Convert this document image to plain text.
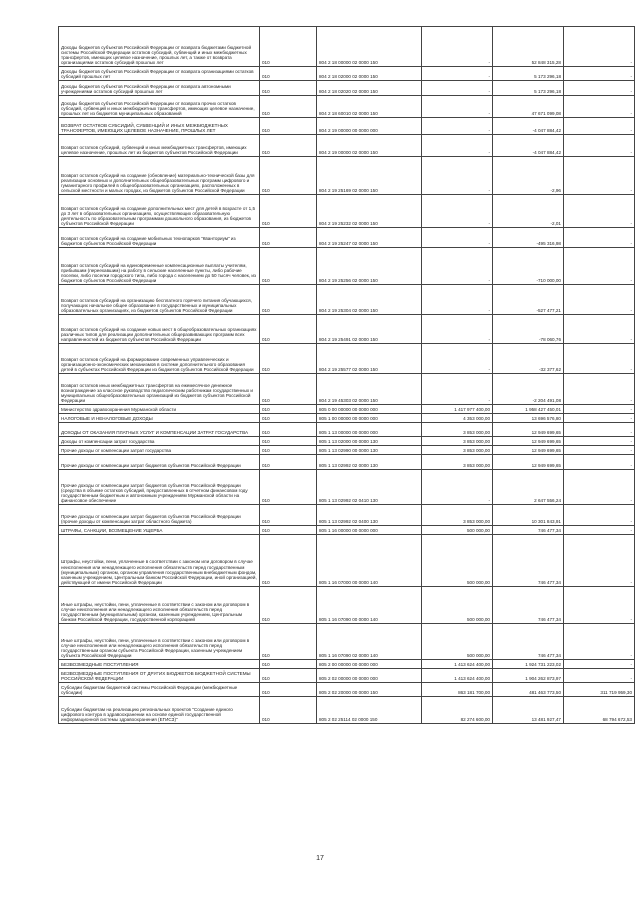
Доходы бюджетов субъектов Российской Федерации от возврата бюджетами бюджетной системы Российской Федерации остатков субсидий, субвенций и иных межбюджетных трансфертов, имеющих целевое назначение, прошлых лет, а также от возврата организациями остатков субсидий прошлых лет	010	804 2 18 00000 02 0000 150	-	52 848 315,28	-
Доходы бюджетов субъектов Российской Федерации от возврата организациями остатков субсидий прошлых лет	010	804 2 18 02000 02 0000 150	-	5 173 296,18	-
Доходы бюджетов субъектов Российской Федерации от возврата автономными учреждениями остатков субсидий прошлых лет	010	804 2 18 02020 02 0000 150	-	5 173 296,18	-
Доходы бюджетов субъектов Российской Федерации от возврата прочих остатков субсидий, субвенций и иных межбюджетных трансфертов, имеющих целевое назначение, прошлых лет из бюджетов муниципальных образований	010	804 2 18 60010 02 0000 150	-	47 671 099,08	-
ВОЗВРАТ ОСТАТКОВ СУБСИДИЙ, СУБВЕНЦИЙ И ИНЫХ МЕЖБЮДЖЕТНЫХ ТРАНСФЕРТОВ, ИМЕЮЩИХ ЦЕЛЕВОЕ НАЗНАЧЕНИЕ, ПРОШЛЫХ ЛЕТ	010	804 2 19 00000 00 0000 000	-	-4 047 884,42	-
Возврат остатков субсидий, субвенций и иных межбюджетных трансфертов, имеющих целевое назначение, прошлых лет из бюджетов субъектов Российской Федерации	010	804 2 19 00000 02 0000 150	-	-4 047 884,42	-
Возврат остатков субсидий на создание (обновление) материально-технической базы для реализации основных и дополнительных общеобразовательных программ цифрового и гуманитарного профилей в общеобразовательных организациях, расположенных в сельской местности и малых городах, из бюджетов субъектов Российской Федерации	010	804 2 19 25169 02 0000 150	-	-2,96	-
Возврат остатков субсидий на создание дополнительных мест для детей в возрасте от 1,5 до 3 лет в образовательных организациях, осуществляющих образовательную деятельность по образовательным программам дошкольного образования, из бюджетов субъектов Российской Федерации	010	804 2 19 25232 02 0000 150	-	-2,01	-
Возврат остатков субсидий на создание мобильных технопарков "Кванториум" из бюджетов субъектов Российской Федерации	010	804 2 19 25247 02 0000 150	-	-495 316,98	-
Возврат остатков субсидий на единовременные компенсационные выплаты учителям, прибывшим (переехавшим) на работу в сельские населенные пункты, либо рабочие поселки, либо поселки городского типа, либо города с населением до 50 тысяч человек, из бюджетов субъектов Российской Федерации	010	804 2 19 25256 02 0000 150	-	-710 000,00	-
Возврат остатков субсидий на организацию бесплатного горячего питания обучающихся, получающих начальное общее образование в государственных и муниципальных образовательных организациях, из бюджетов субъектов Российской Федерации	010	804 2 19 25304 02 0000 150	-	-527 477,21	-
Возврат остатков субсидий на создание новых мест в общеобразовательных организациях различных типов для реализации дополнительных общеразвивающих программ всех направленностей из бюджетов субъектов Российской Федерации	010	804 2 19 25491 02 0000 150	-	-78 060,76	-
Возврат остатков субсидий на формирование современных управленческих и организационно-экономических механизмов в системе дополнительного образования детей в субъектах Российской Федерации из бюджетов субъектов Российской Федерации	010	804 2 19 25577 02 0000 150	-	-32 377,62	-
Возврат остатков иных межбюджетных трансфертов на ежемесячное денежное вознаграждение за классное руководство педагогическим работникам государственных и муниципальных общеобразовательных организаций из бюджетов субъектов Российской Федерации	010	804 2 19 45303 02 0000 150	-	-2 204 491,08	-
Министерство здравоохранения Мурманской области	010	805 0 00 00000 00 0000 000	1 417 977 400,00	1 958 427 450,01	-
НАЛОГОВЫЕ И НЕНАЛОГОВЫЕ ДОХОДЫ	010	805 1 00 00000 00 0000 000	4 353 000,00	13 696 576,80	-
ДОХОДЫ ОТ ОКАЗАНИЯ ПЛАТНЫХ УСЛУГ И КОМПЕНСАЦИИ ЗАТРАТ ГОСУДАРСТВА	010	805 1 13 00000 00 0000 000	3 853 000,00	12 949 699,65	-
Доходы от компенсации затрат государства	010	805 1 13 02000 00 0000 130	3 853 000,00	12 949 699,65	-
Прочие доходы от компенсации затрат государства	010	805 1 13 02990 00 0000 130	3 853 000,00	12 949 699,65	-
Прочие доходы от компенсации затрат бюджетов субъектов Российской Федерации	010	805 1 13 02992 02 0000 130	3 853 000,00	12 949 699,65	-
Прочие доходы от компенсации затрат бюджетов субъектов Российской Федерации (средства в объеме остатков субсидий, предоставленных в отчетном финансовом году государственным бюджетным и автономным учреждениям Мурманской области на финансовое обеспечение	010	805 1 13 02992 02 0410 130	-	2 647 556,24	-
Прочие доходы от компенсации затрат бюджетов субъектов Российской Федерации (прочие доходы от компенсации затрат областного бюджета)	010	805 1 13 02992 02 0400 130	3 853 000,00	10 301 843,91	-
ШТРАФЫ, САНКЦИИ, ВОЗМЕЩЕНИЕ УЩЕРБА	010	805 1 16 00000 00 0000 000	500 000,00	746 477,34	-
Штрафы, неустойки, пени, уплаченные в соответствии с законом или договором в случае неисполнения или ненадлежащего исполнения обязательств перед государственным (муниципальным) органом, органом управления государственным внебюджетным фондом, казенным учреждением, Центральным банком Российской Федерации, иной организацией, действующей от имени Российской Федерации	010	805 1 16 07000 00 0000 140	500 000,00	746 477,34	-
Иные штрафы, неустойки, пени, уплаченные в соответствии с законом или договором в случае неисполнения или ненадлежащего исполнения обязательств перед государственным (муниципальным) органом, казенным учреждением, Центральным банком Российской Федерации, государственной корпорацией	010	805 1 16 07090 00 0000 140	500 000,00	746 477,34	-
Иные штрафы, неустойки, пени, уплаченные в соответствии с законом или договором в случае неисполнения или ненадлежащего исполнения обязательств перед государственным органом субъекта Российской Федерации, казенным учреждением субъекта Российской Федерации	010	805 1 16 07090 02 0000 140	500 000,00	746 477,34	-
БЕЗВОЗМЕЗДНЫЕ ПОСТУПЛЕНИЯ	010	805 2 00 00000 00 0000 000	1 413 624 400,00	1 924 731 223,02	-
БЕЗВОЗМЕЗДНЫЕ ПОСТУПЛЕНИЯ ОТ ДРУГИХ БЮДЖЕТОВ БЮДЖЕТНОЙ СИСТЕМЫ РОССИЙСКОЙ ФЕДЕРАЦИИ	010	805 2 02 00000 00 0000 000	1 413 624 400,00	1 904 262 873,97	-
Субсидии бюджетам бюджетной системы Российской Федерации (межбюджетные субсидии)	010	805 2 02 20000 00 0000 150	863 181 700,00	481 463 773,50	311 719 959,30
Субсидии бюджетам на реализацию региональных проектов "Создание единого цифрового контура в здравоохранении на основе единой государственной информационной системы здравоохранения (ЕГИСЗ)"	010	805 2 02 25114 02 0000 150	82 274 600,00	13 481 927,47	68 794 672,53
17
